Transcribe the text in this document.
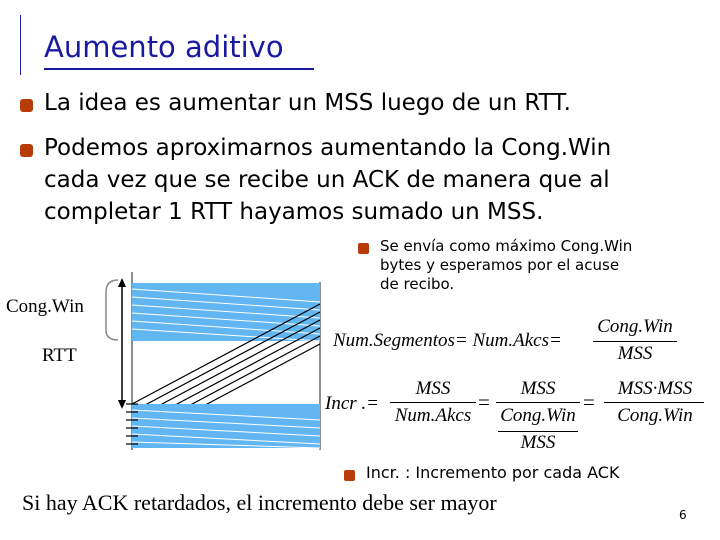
Aumento aditivo
La idea es aumentar un MSS luego de un RTT.
Podemos aproximarnos aumentando la Cong.Win
cada vez que se recibe un ACK de manera que al
completar 1 RTT hayamos sumado un MSS.
Se envía como máximo Cong.Win
bytes y esperamos por el acuse
de recibo.
Cong.Win
RTT
Num.Segmentos= Num.Akcs=
Cong.Win
MSS
Incr .=
MSS
Num.Akcs
=
MSS
Cong.Win
MSS
=
MSS∙MSS
Cong.Win
Incr. : Incremento por cada ACK
Si hay ACK retardados, el incremento debe ser mayor	6
